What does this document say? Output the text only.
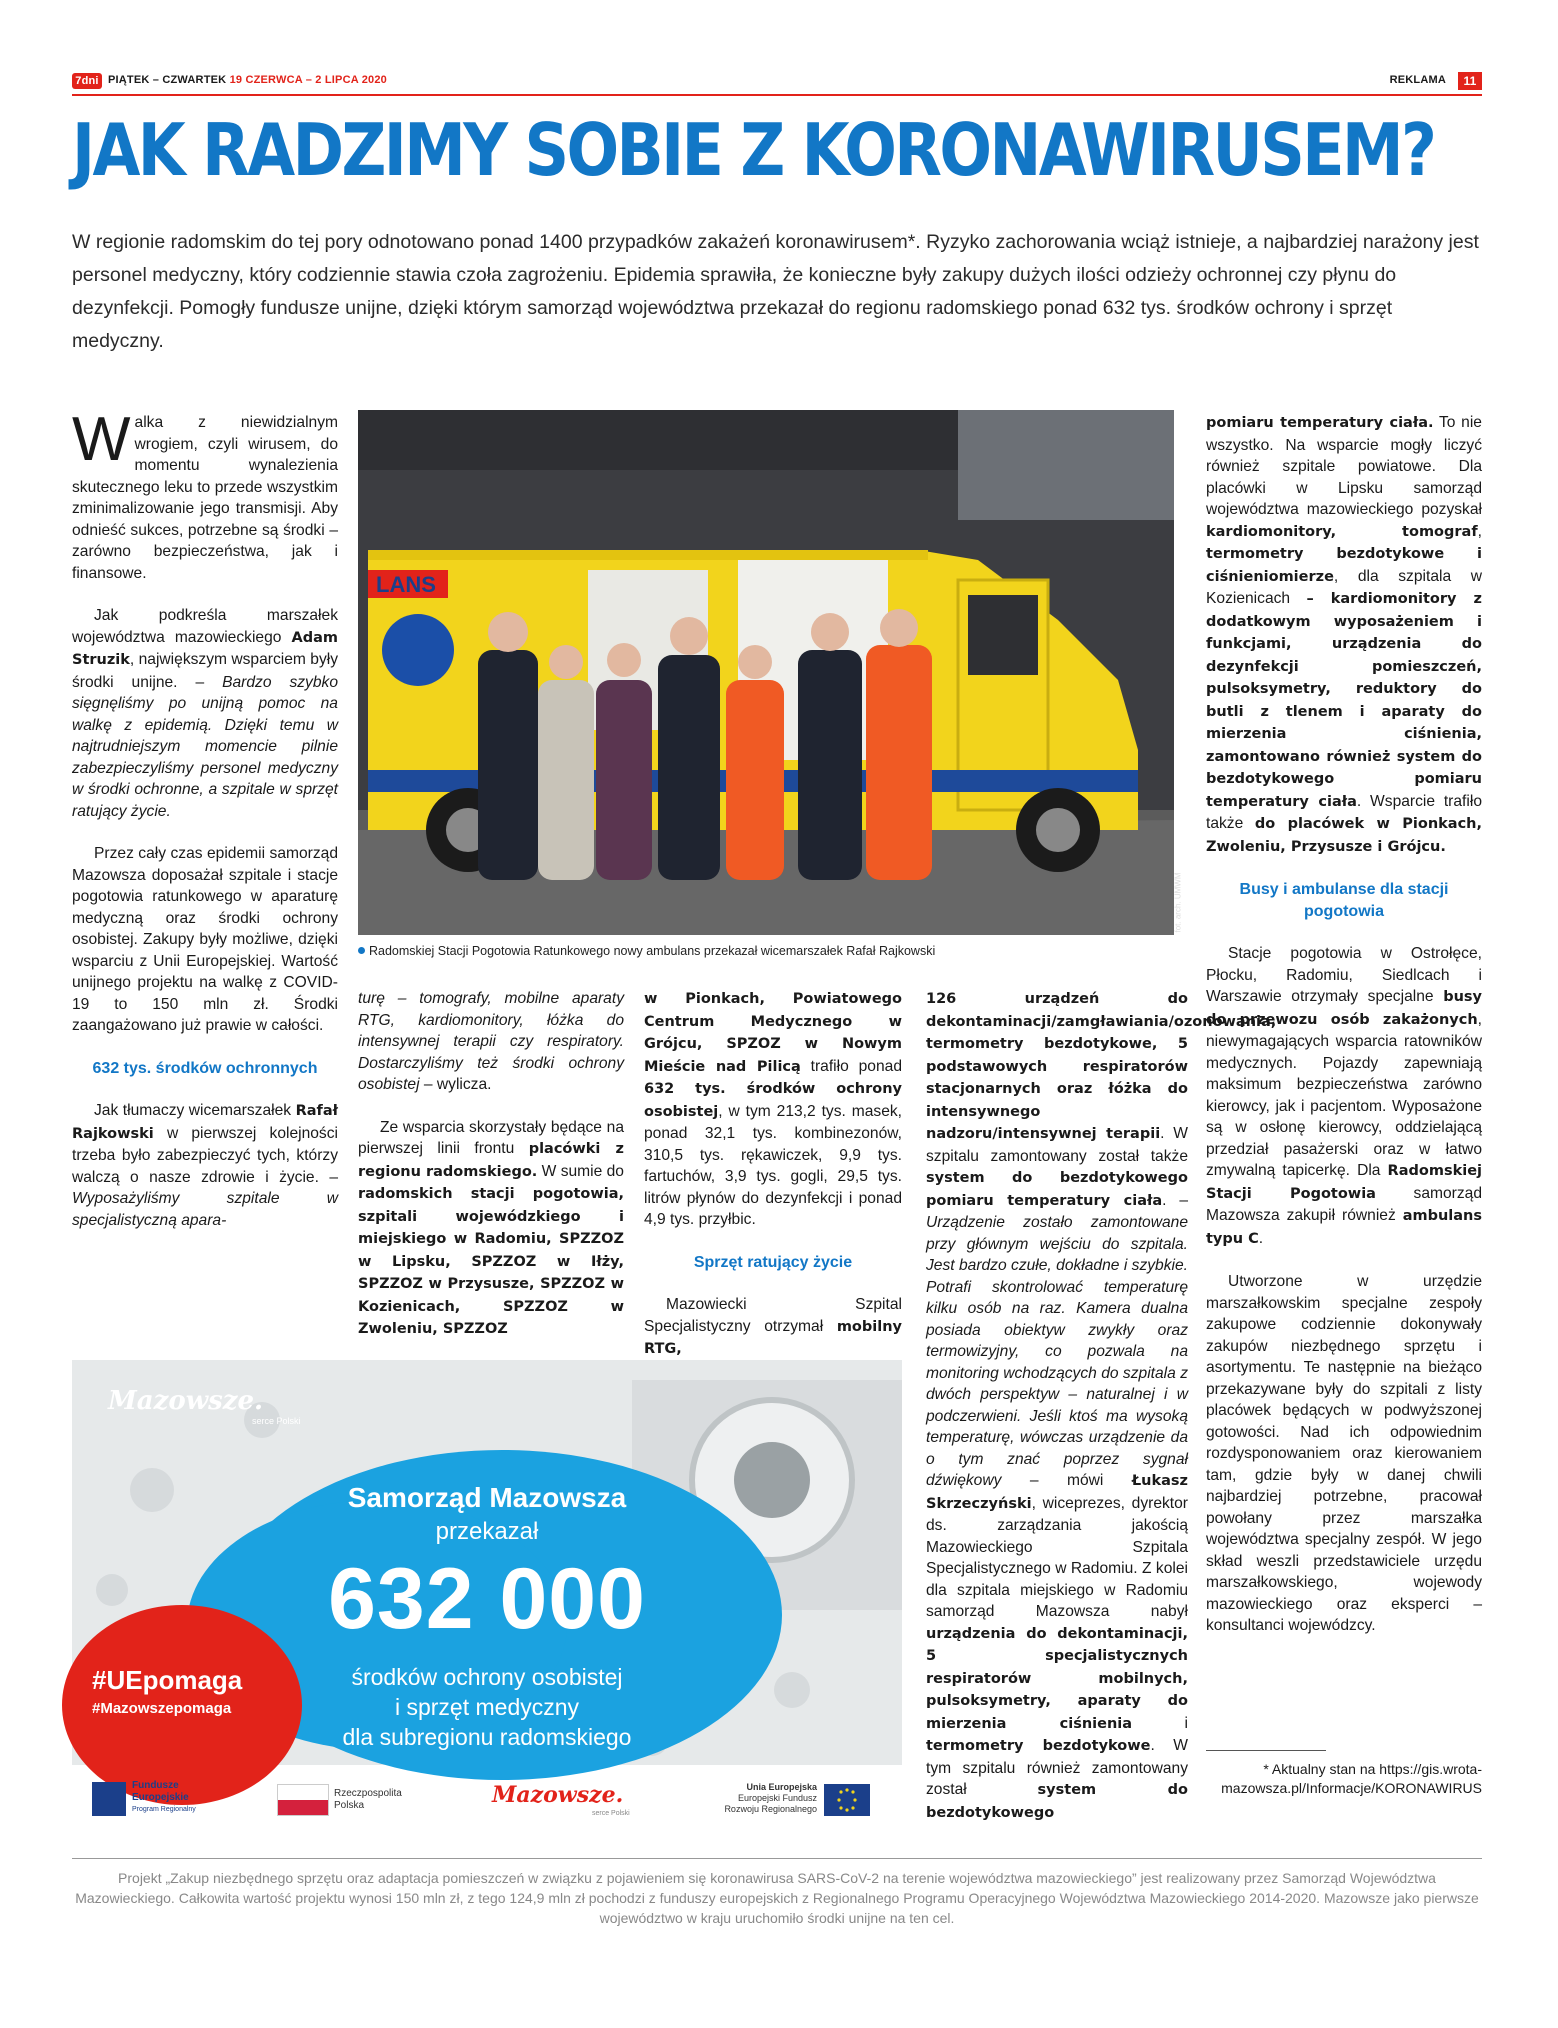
7dni PIĄTEK – CZWARTEK 19 CZERWCA – 2 LIPCA 2020	REKLAMA	11
JAK RADZIMY SOBIE Z KORONAWIRUSEM?
W regionie radomskim do tej pory odnotowano ponad 1400 przypadków zakażeń koronawirusem*. Ryzyko zachorowania wciąż istnieje, a najbardziej narażony jest personel medyczny, który codziennie stawia czoła zagrożeniu. Epidemia sprawiła, że konieczne były zakupy dużych ilości odzieży ochronnej czy płynu do dezynfekcji. Pomogły fundusze unijne, dzięki którym samorząd województwa przekazał do regionu radomskiego ponad 632 tys. środków ochrony i sprzęt medyczny.

Walka z niewidzialnym wrogiem, czyli wirusem, do momentu wynalezienia skutecznego leku to przede wszystkim zminimalizowanie jego transmisji. Aby odnieść sukces, potrzebne są środki – zarówno bezpieczeństwa, jak i finansowe.

Jak podkreśla marszałek województwa mazowieckiego Adam Struzik, największym wsparciem były środki unijne. – Bardzo szybko sięgnęliśmy po unijną pomoc na walkę z epidemią. Dzięki temu w najtrudniejszym momencie pilnie zabezpieczyliśmy personel medyczny w środki ochronne, a szpitale w sprzęt ratujący życie.

Przez cały czas epidemii samorząd Mazowsza doposażał szpitale i stacje pogotowia ratunkowego w aparaturę medyczną oraz środki ochrony osobistej. Zakupy były możliwe, dzięki wsparciu z Unii Europejskiej. Wartość unijnego projektu na walkę z COVID-19 to 150 mln zł. Środki zaangażowano już prawie w całości.

632 tys. środków ochronnych

Jak tłumaczy wicemarszałek Rafał Rajkowski w pierwszej kolejności trzeba było zabezpieczyć tych, którzy walczą o nasze zdrowie i życie. – Wyposażyliśmy szpitale w specjalistyczną apara-

LANS
fot. arch. UMWM
Radomskiej Stacji Pogotowia Ratunkowego nowy ambulans przekazał wicemarszałek Rafał Rajkowski

turę – tomografy, mobilne aparaty RTG, kardiomonitory, łóżka do intensywnej terapii czy respiratory. Dostarczyliśmy też środki ochrony osobistej – wylicza.

Ze wsparcia skorzystały będące na pierwszej linii frontu placówki z regionu radomskiego. W sumie do radomskich stacji pogotowia, szpitali wojewódzkiego i miejskiego w Radomiu, SPZZOZ w Lipsku, SPZZOZ w Iłży, SPZZOZ w Przysusze, SPZZOZ w Kozienicach, SPZZOZ w Zwoleniu, SPZZOZ

w Pionkach, Powiatowego Centrum Medycznego w Grójcu, SPZOZ w Nowym Mieście nad Pilicą trafiło ponad 632 tys. środków ochrony osobistej, w tym 213,2 tys. masek, ponad 32,1 tys. kombinezonów, 310,5 tys. rękawiczek, 9,9 tys. fartuchów, 3,9 tys. gogli, 29,5 tys. litrów płynów do dezynfekcji i ponad 4,9 tys. przyłbic.

Sprzęt ratujący życie

Mazowiecki Szpital Specjalistyczny otrzymał mobilny RTG,

126 urządzeń do dekontaminacji/zamgławiania/ozonowania, termometry bezdotykowe, 5 podstawowych respiratorów stacjonarnych oraz łóżka do intensywnego nadzoru/intensywnej terapii. W szpitalu zamontowany został także system do bezdotykowego pomiaru temperatury ciała. – Urządzenie zostało zamontowane przy głównym wejściu do szpitala. Jest bardzo czułe, dokładne i szybkie. Potrafi skontrolować temperaturę kilku osób na raz. Kamera dualna posiada obiektyw zwykły oraz termowizyjny, co pozwala na monitoring wchodzących do szpitala z dwóch perspektyw – naturalnej i w podczerwieni. Jeśli ktoś ma wysoką temperaturę, wówczas urządzenie da o tym znać poprzez sygnał dźwiękowy – mówi Łukasz Skrzeczyński, wiceprezes, dyrektor ds. zarządzania jakością Mazowieckiego Szpitala Specjalistycznego w Radomiu. Z kolei dla szpitala miejskiego w Radomiu samorząd Mazowsza nabył urządzenia do dekontaminacji, 5 specjalistycznych respiratorów mobilnych, pulsoksymetry, aparaty do mierzenia ciśnienia i termometry bezdotykowe. W tym szpitalu również zamontowany został system do bezdotykowego

pomiaru temperatury ciała. To nie wszystko. Na wsparcie mogły liczyć również szpitale powiatowe. Dla placówki w Lipsku samorząd województwa mazowieckiego pozyskał kardiomonitory, tomograf, termometry bezdotykowe i ciśnieniomierze, dla szpitala w Kozienicach – kardiomonitory z dodatkowym wyposażeniem i funkcjami, urządzenia do dezynfekcji pomieszczeń, pulsoksymetry, reduktory do butli z tlenem i aparaty do mierzenia ciśnienia, zamontowano również system do bezdotykowego pomiaru temperatury ciała. Wsparcie trafiło także do placówek w Pionkach, Zwoleniu, Przysusze i Grójcu.

Busy i ambulanse dla stacji pogotowia

Stacje pogotowia w Ostrołęce, Płocku, Radomiu, Siedlcach i Warszawie otrzymały specjalne busy do przewozu osób zakażonych, niewymagających wsparcia ratowników medycznych. Pojazdy zapewniają maksimum bezpieczeństwa zarówno kierowcy, jak i pacjentom. Wyposażone są w osłonę kierowcy, oddzielającą przedział pasażerski oraz w łatwo zmywalną tapicerkę. Dla Radomskiej Stacji Pogotowia samorząd Mazowsza zakupił również ambulans typu C.

Utworzone w urzędzie marszałkowskim specjalne zespoły zakupowe codziennie dokonywały zakupów niezbędnego sprzętu i asortymentu. Te następnie na bieżąco przekazywane były do szpitali z listy placówek będących w podwyższonej gotowości. Nad ich odpowiednim rozdysponowaniem oraz kierowaniem tam, gdzie były w danej chwili najbardziej potrzebne, pracował powołany przez marszałka województwa specjalny zespół. W jego skład weszli przedstawiciele urzędu marszałkowskiego, wojewody mazowieckiego oraz eksperci – konsultanci wojewódzcy.

* Aktualny stan na https://gis.wrota-mazowsza.pl/Informacje/KORONAWIRUS
Mazowsze.
serce Polski
Samorząd Mazowsza
przekazał
632 000
środków ochrony osobistej
i sprzęt medyczny
dla subregionu radomskiego
#UEpomaga
#Mazowszepomaga
Fundusze
Europejskie
Program Regionalny
Rzeczpospolita
Polska	Mazowsze.
serce Polski
Unia Europejska
Europejski Fundusz
Rozwoju Regionalnego
Projekt „Zakup niezbędnego sprzętu oraz adaptacja pomieszczeń w związku z pojawieniem się koronawirusa SARS-CoV-2 na terenie województwa mazowieckiego” jest realizowany przez Samorząd Województwa Mazowieckiego. Całkowita wartość projektu wynosi 150 mln zł, z tego 124,9 mln zł pochodzi z funduszy europejskich z Regionalnego Programu Operacyjnego Województwa Mazowieckiego 2014-2020. Mazowsze jako pierwsze województwo w kraju uruchomiło środki unijne na ten cel.
